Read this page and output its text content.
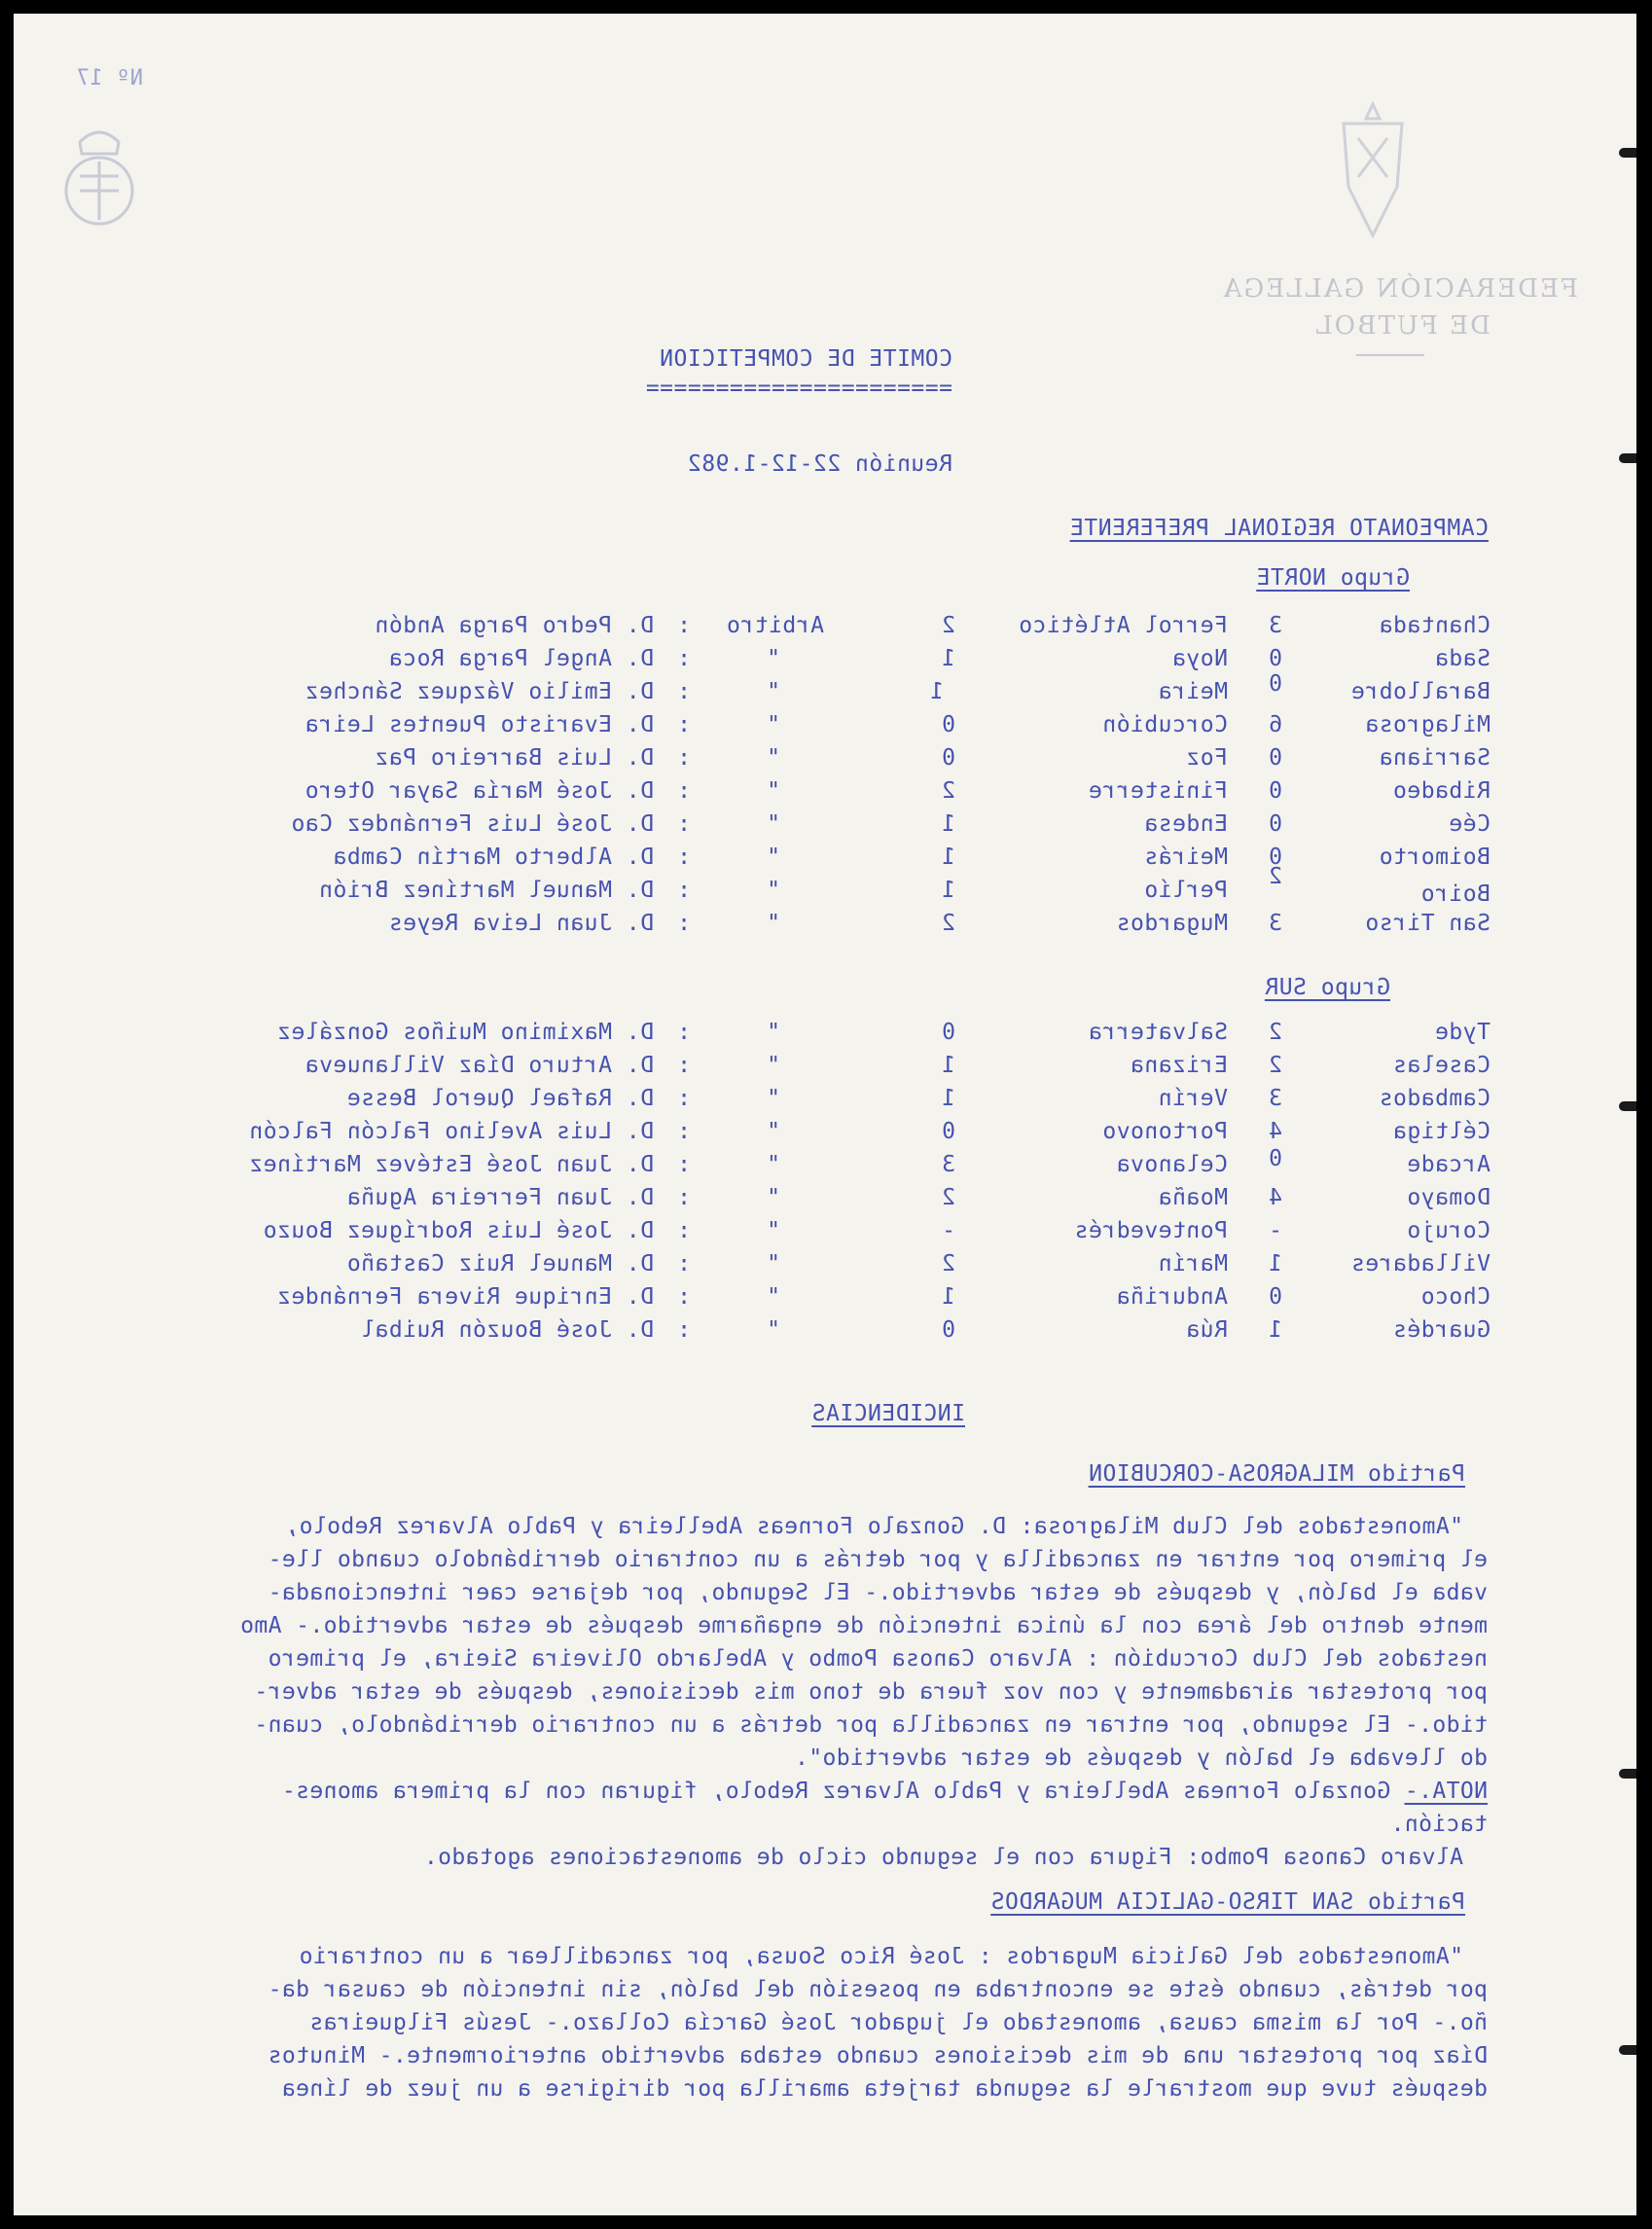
Nº 17
FEDERACIÓN GALLEGA
DE FUTBOL
COMITE DE COMPETICION
======================
Reunión 22-12-1.982
CAMPEONATO REGIONAL PREFERENTE
Grupo NORTE
Chantada
3
Ferrol Atlético
2
Arbitro
:
D. Pedro Parga Andón
Sada
0
Noya
1
"
:
D. Angel Parga Roca
Barallobre
0
Meira
1
"
:
D. Emilio Vázquez Sánchez
Milagrosa
6
Corcubión
0
"
:
D. Evaristo Puentes Leira
Sarriana
0
Foz
0
"
:
D. Luis Barreiro Paz
Ribadeo
0
Finisterre
2
"
:
D. José María Sayar Otero
Cée
0
Endesa
1
"
:
D. José Luis Fernández Cao
Boimorto
0
Meirás
1
"
:
D. Alberto Martín Camba
Boiro
2
Perlío
1
"
:
D. Manuel Martínez Brión
San Tirso
3
Mugardos
2
"
:
D. Juan Leiva Reyes
Grupo SUR
Tyde
2
Salvaterra
0
"
:
D. Maximino Muiños González
Caselas
2
Erizana
1
"
:
D. Arturo Díaz Villanueva
Cambados
3
Verín
1
"
:
D. Rafael Querol Besse
Céltiga
4
Portonovo
0
"
:
D. Luis Avelino Falcón Falcón
Arcade
0
Celanova
3
"
:
D. Juan José Estévez Martínez
Domayo
4
Moaña
2
"
:
D. Juan Ferreira Aguña
Corujo
-
Pontevedrés
-
"
:
D. José Luis Rodríguez Bouzo
Villadares
1
Marín
2
"
:
D. Manuel Ruiz Castaño
Choco
0
Anduriña
1
"
:
D. Enrique Rivera Fernández
Guardés
1
Rúa
0
"
:
D. José Bouzón Ruibal
INCIDENCIAS
Partido MILAGROSA-CORCUBION
"Amonestados del Club Milagrosa: D. Gonzalo Forneas Abelleira y Pablo Alvarez Rebolo,
el primero por entrar en zancadilla y por detrás a un contrario derribándolo cuando lle-
vaba el balón, y después de estar advertido.- El Segundo, por dejarse caer intencionada-
mente dentro del área con la única intención de engañarme después de estar advertido.- Amo
nestados del Club Corcubión : Alvaro Canosa Pombo y Abelardo Oliveira Sieira, el primero
por protestar airadamente y con voz fuera de tono mis decisiones, después de estar adver-
tido.- El segundo, por entrar en zancadilla por detrás a un contrario derribándolo, cuan-
do llevaba el balón y después de estar advertido".
NOTA.- Gonzalo Forneas Abelleira y Pablo Alvarez Rebolo, figuran con la primera amones-
tación.
Alvaro Canosa Pombo: Figura con el segundo ciclo de amonestaciones agotado.
Partido SAN TIRSO-GALICIA MUGARDOS
"Amonestados del Galicia Mugardos : José Rico Sousa, por zancadillear a un contrario
por detrás, cuando éste se encontraba en posesión del balón, sin intención de causar da-
ño.- Por la misma causa, amonestado el jugador José García Collazo.- Jesús Filgueiras
Díaz por protestar una de mis decisiones cuando estaba advertido anteriormente.- Minutos
después tuve que mostrarle la segunda tarjeta amarilla por dirigirse a un juez de línea
